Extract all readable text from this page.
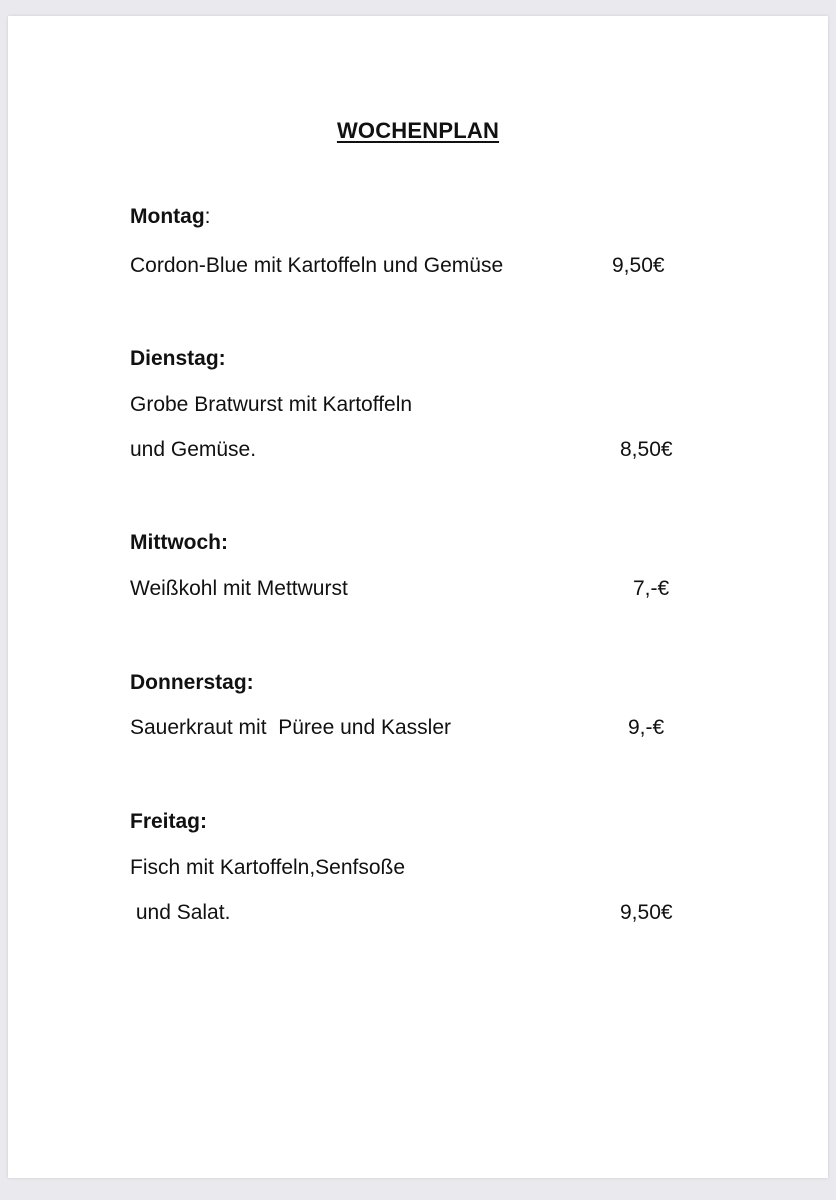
WOCHENPLAN
Montag:
Cordon-Blue mit Kartoffeln und Gemüse	9,50€
Dienstag:
Grobe Bratwurst mit Kartoffeln
und Gemüse.	8,50€
Mittwoch:
Weißkohl mit Mettwurst	7,-€
Donnerstag:
Sauerkraut mit  Püree und Kassler	9,-€
Freitag:
Fisch mit Kartoffeln,Senfsoße
und Salat.	9,50€
